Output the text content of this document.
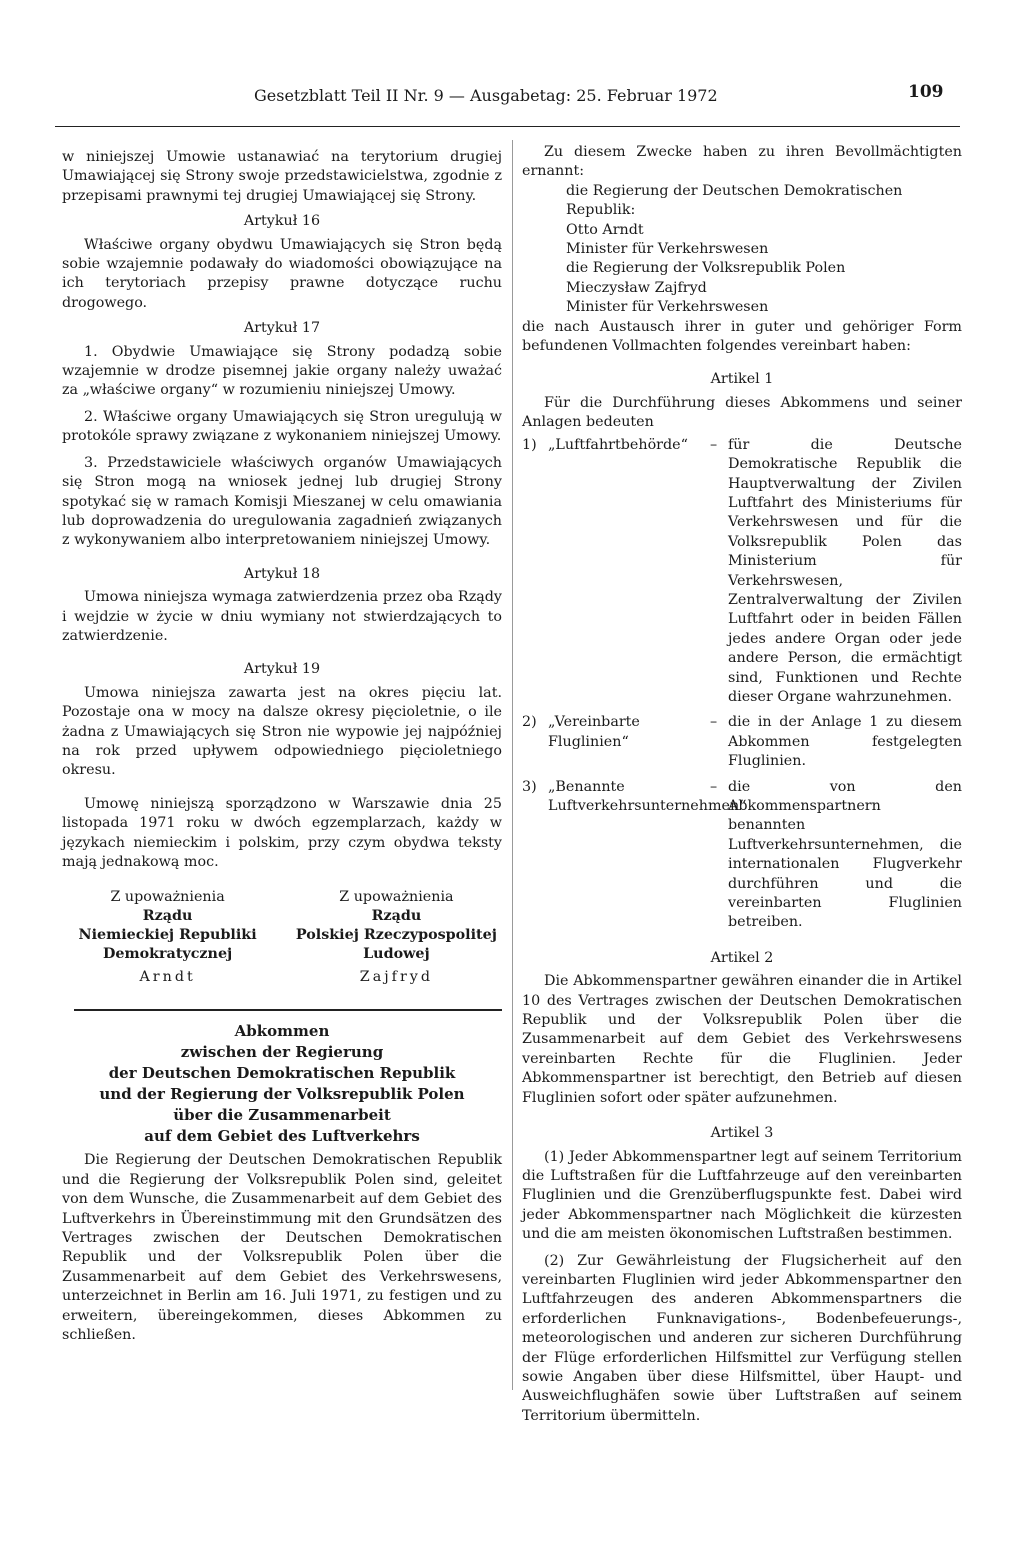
Gesetzblatt Teil II Nr. 9 — Ausgabetag: 25. Februar 1972	109

w niniejszej Umowie ustanawiać na terytorium drugiej Umawiającej się Strony swoje przedstawicielstwa, zgodnie z przepisami prawnymi tej drugiej Umawiającej się Strony.

Artykuł 16

Właściwe organy obydwu Umawiających się Stron będą sobie wzajemnie podawały do wiadomości obowiązujące na ich terytoriach przepisy prawne dotyczące ruchu drogowego.

Artykuł 17

1. Obydwie Umawiające się Strony podadzą sobie wzajemnie w drodze pisemnej jakie organy należy uważać za „właściwe organy“ w rozumieniu niniejszej Umowy.

2. Właściwe organy Umawiających się Stron uregulują w protokóle sprawy związane z wykonaniem niniejszej Umowy.

3. Przedstawiciele właściwych organów Umawiających się Stron mogą na wniosek jednej lub drugiej Strony spotykać się w ramach Komisji Mieszanej w celu omawiania lub doprowadzenia do uregulowania zagadnień związanych z wykonywaniem albo interpretowaniem niniejszej Umowy.

Artykuł 18

Umowa niniejsza wymaga zatwierdzenia przez oba Rządy i wejdzie w życie w dniu wymiany not stwierdzających to zatwierdzenie.

Artykuł 19

Umowa niniejsza zawarta jest na okres pięciu lat. Pozostaje ona w mocy na dalsze okresy pięcioletnie, o ile żadna z Umawiających się Stron nie wypowie jej najpóźniej na rok przed upływem odpowiedniego pięcioletniego okresu.

Umowę niniejszą sporządzono w Warszawie dnia 25 listopada 1971 roku w dwóch egzemplarzach, każdy w językach niemieckim i polskim, przy czym obydwa teksty mają jednakową moc.

Z upoważnienia
Rządu
Niemieckiej Republiki
Demokratycznej
Arndt
Z upoważnienia
Rządu
Polskiej Rzeczypospolitej
Ludowej
Zajfryd
Abkommen
zwischen der Regierung
der Deutschen Demokratischen Republik
und der Regierung der Volksrepublik Polen
über die Zusammenarbeit
auf dem Gebiet des Luftverkehrs

Die Regierung der Deutschen Demokratischen Republik und die Regierung der Volksrepublik Polen sind, geleitet von dem Wunsche, die Zusammenarbeit auf dem Gebiet des Luftverkehrs in Übereinstimmung mit den Grundsätzen des Vertrages zwischen der Deutschen Demokratischen Republik und der Volksrepublik Polen über die Zusammenarbeit auf dem Gebiet des Verkehrswesens, unterzeichnet in Berlin am 16. Juli 1971, zu festigen und zu erweitern, übereingekommen, dieses Abkommen zu schließen.

Zu diesem Zwecke haben zu ihren Bevollmächtigten ernannt:

die Regierung der Deutschen Demokratischen Republik:

Otto Arndt

Minister für Verkehrswesen

die Regierung der Volksrepublik Polen

Mieczysław Zajfryd

Minister für Verkehrswesen

die nach Austausch ihrer in guter und gehöriger Form befundenen Vollmachten folgendes vereinbart haben:

Artikel 1

Für die Durchführung dieses Abkommens und seiner Anlagen bedeuten

1) „Luftfahrtbehörde“	– für die Deutsche Demokratische Republik die Hauptverwaltung der Zivilen Luftfahrt des Ministeriums für Verkehrswesen und für die Volksrepublik Polen das Ministerium für Verkehrswesen, Zentralverwaltung der Zivilen Luftfahrt oder in beiden Fällen jedes andere Organ oder jede andere Person, die ermächtigt sind, Funktionen und Rechte dieser Organe wahrzunehmen.
2) „Vereinbarte Fluglinien“
– die in der Anlage 1 zu diesem Abkommen festgelegten Fluglinien.
3) „Benannte Luftverkehrsunternehmen“
– die von den Abkommenspartnern benannten Luftverkehrsunternehmen, die internationalen Flugverkehr durchführen und die vereinbarten Fluglinien betreiben.

Artikel 2

Die Abkommenspartner gewähren einander die in Artikel 10 des Vertrages zwischen der Deutschen Demokratischen Republik und der Volksrepublik Polen über die Zusammenarbeit auf dem Gebiet des Verkehrswesens vereinbarten Rechte für die Fluglinien. Jeder Abkommenspartner ist berechtigt, den Betrieb auf diesen Fluglinien sofort oder später aufzunehmen.

Artikel 3

(1) Jeder Abkommenspartner legt auf seinem Territorium die Luftstraßen für die Luftfahrzeuge auf den vereinbarten Fluglinien und die Grenzüberflugspunkte fest. Dabei wird jeder Abkommenspartner nach Möglichkeit die kürzesten und die am meisten ökonomischen Luftstraßen bestimmen.

(2) Zur Gewährleistung der Flugsicherheit auf den vereinbarten Fluglinien wird jeder Abkommenspartner den Luftfahrzeugen des anderen Abkommenspartners die erforderlichen Funknavigations-, Bodenbefeuerungs-, meteorologischen und anderen zur sicheren Durchführung der Flüge erforderlichen Hilfsmittel zur Verfügung stellen sowie Angaben über diese Hilfsmittel, über Haupt- und Ausweichflughäfen sowie über Luftstraßen auf seinem Territorium übermitteln.
